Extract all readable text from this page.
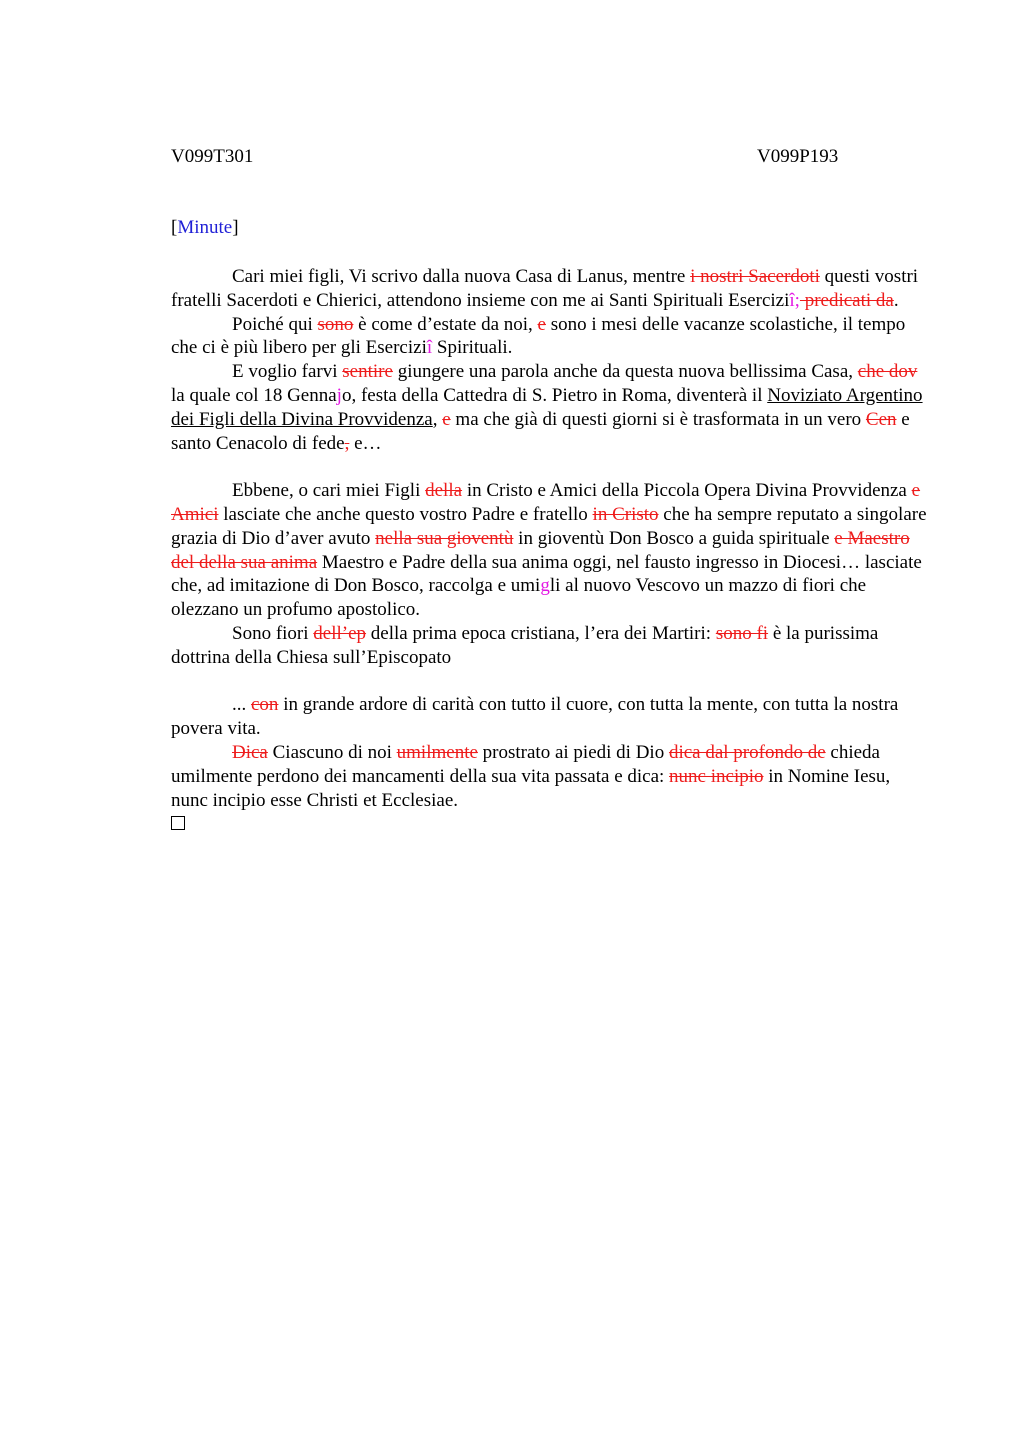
V099T301	V099P193
[Minute]

Cari miei figli, Vi scrivo dalla nuova Casa di Lanus, mentre i nostri Sacerdoti questi vostri fratelli Sacerdoti e Chierici, attendono insieme con me ai Santi Spirituali Eserciziî; predicati da.

Poiché qui sono è come d’estate da noi, e sono i mesi delle vacanze scolastiche, il tempo che ci è più libero per gli Eserciziî Spirituali.

E voglio farvi sentire giungere una parola anche da questa nuova bellissima Casa, che dov la quale col 18 Gennajo, festa della Cattedra di S. Pietro in Roma, diventerà il Noviziato Argentino dei Figli della Divina Provvidenza, e ma che già di questi giorni si è trasformata in un vero Cen e santo Cenacolo di fede, e…

Ebbene, o cari miei Figli della in Cristo e Amici della Piccola Opera Divina Provvidenza e Amici lasciate che anche questo vostro Padre e fratello in Cristo che ha sempre reputato a singolare grazia di Dio d’aver avuto nella sua gioventù in gioventù Don Bosco a guida spirituale e Maestro del della sua anima Maestro e Padre della sua anima oggi, nel fausto ingresso in Diocesi… lasciate che, ad imitazione di Don Bosco, raccolga e umigli al nuovo Vescovo un mazzo di fiori che olezzano un profumo apostolico.

Sono fiori dell’ep della prima epoca cristiana, l’era dei Martiri: sono fi è la purissima dottrina della Chiesa sull’Episcopato

... con in grande ardore di carità con tutto il cuore, con tutta la mente, con tutta la nostra povera vita.

Dica Ciascuno di noi umilmente prostrato ai piedi di Dio dica dal profondo de chieda umilmente perdono dei mancamenti della sua vita passata e dica: nunc incipio in Nomine Iesu, nunc incipio esse Christi et Ecclesiae.
